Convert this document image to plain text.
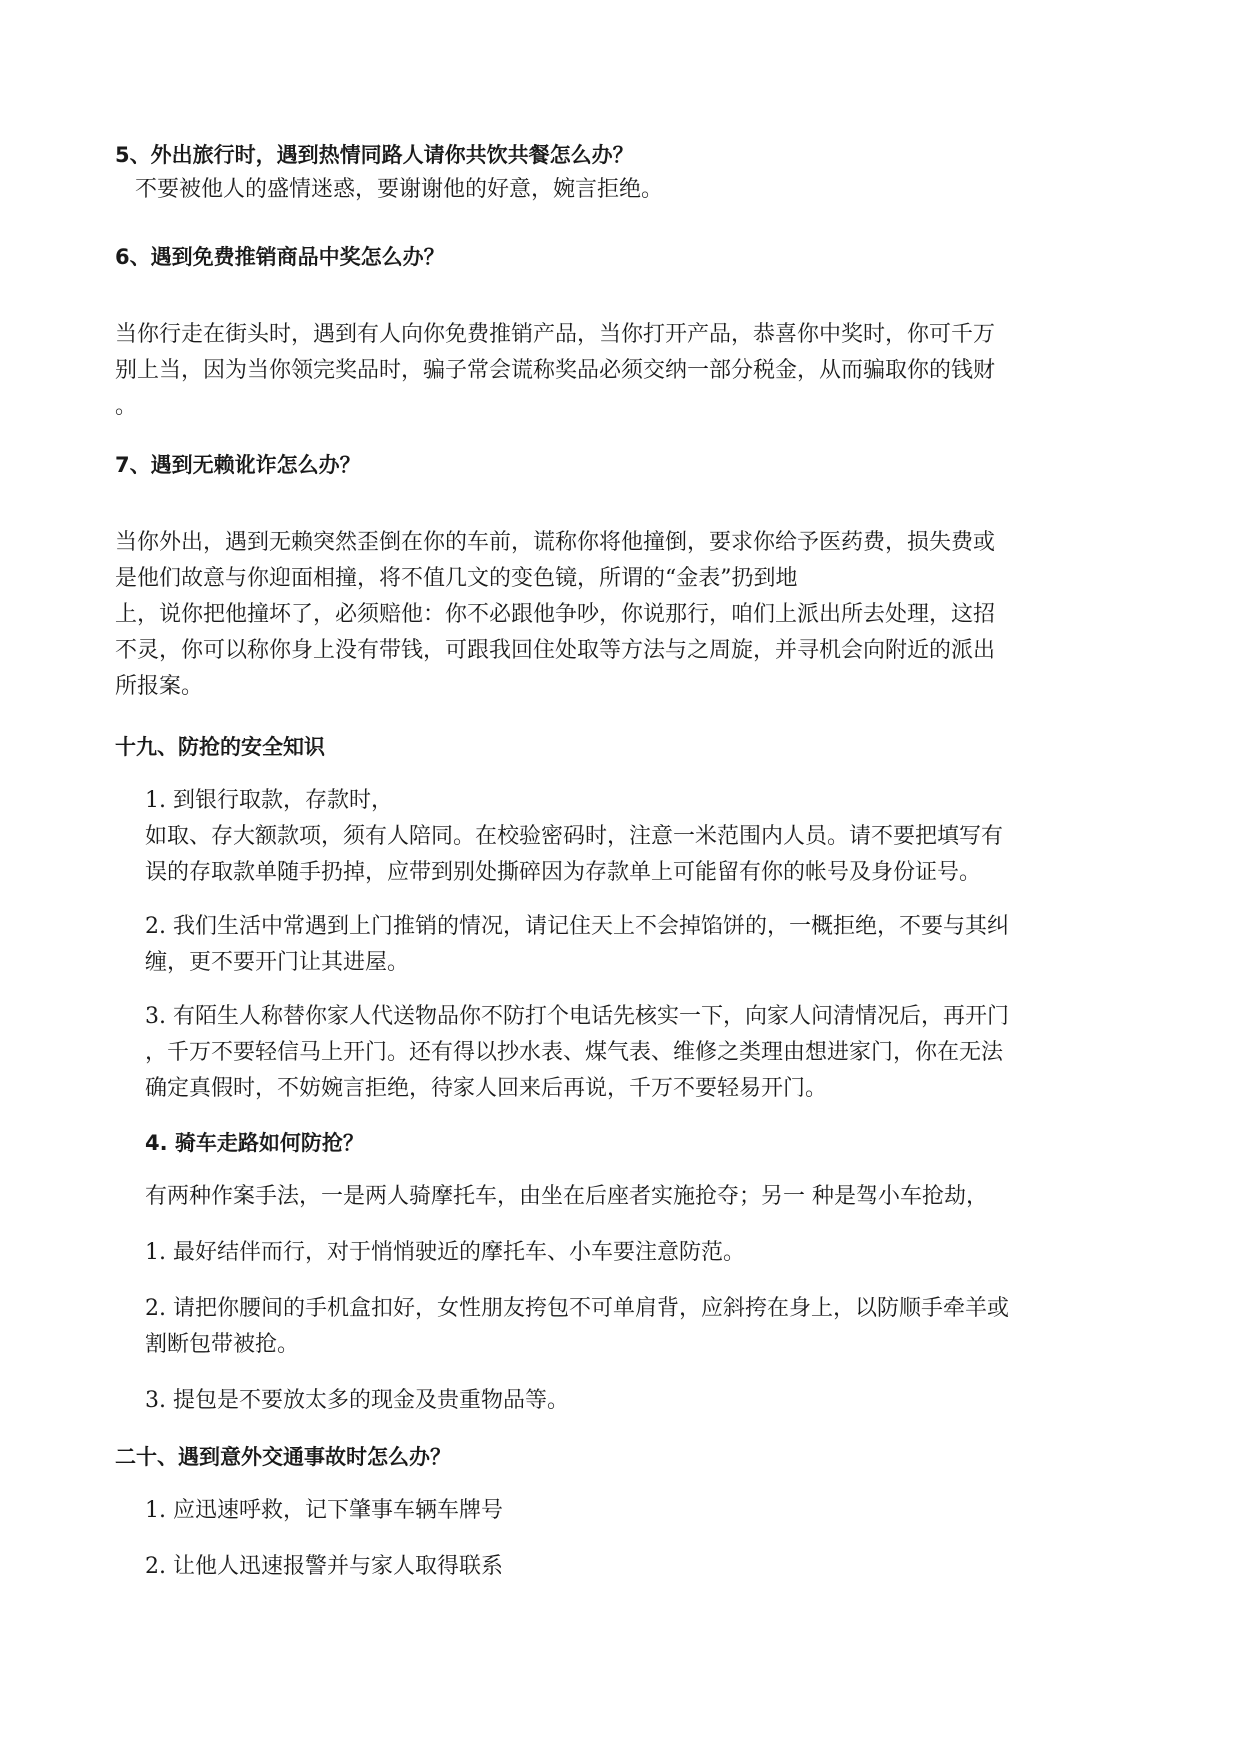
5、外出旅行时，遇到热情同路人请你共饮共餐怎么办？
不要被他人的盛情迷惑，要谢谢他的好意，婉言拒绝。
6、遇到免费推销商品中奖怎么办？
当你行走在街头时，遇到有人向你免费推销产品，当你打开产品，恭喜你中奖时，你可千万
别上当，因为当你领完奖品时，骗子常会谎称奖品必须交纳一部分税金，从而骗取你的钱财
。
7、遇到无赖讹诈怎么办？
当你外出，遇到无赖突然歪倒在你的车前，谎称你将他撞倒，要求你给予医药费，损失费或
是他们故意与你迎面相撞，将不值几文的变色镜，所谓的“金表”扔到地
上，说你把他撞坏了，必须赔他：你不必跟他争吵，你说那行，咱们上派出所去处理，这招
不灵，你可以称你身上没有带钱，可跟我回住处取等方法与之周旋，并寻机会向附近的派出
所报案。
十九、防抢的安全知识
1. 到银行取款，存款时，
如取、存大额款项，须有人陪同。在校验密码时，注意一米范围内人员。请不要把填写有
误的存取款单随手扔掉，应带到别处撕碎因为存款单上可能留有你的帐号及身份证号。
2. 我们生活中常遇到上门推销的情况，请记住天上不会掉馅饼的，一概拒绝，不要与其纠
缠，更不要开门让其进屋。
3. 有陌生人称替你家人代送物品你不防打个电话先核实一下，向家人问清情况后，再开门
，千万不要轻信马上开门。还有得以抄水表、煤气表、维修之类理由想进家门，你在无法
确定真假时，不妨婉言拒绝，待家人回来后再说，千万不要轻易开门。
4. 骑车走路如何防抢？
有两种作案手法，一是两人骑摩托车，由坐在后座者实施抢夺；另一 种是驾小车抢劫，
1. 最好结伴而行，对于悄悄驶近的摩托车、小车要注意防范。
2. 请把你腰间的手机盒扣好，女性朋友挎包不可单肩背，应斜挎在身上，以防顺手牵羊或
割断包带被抢。
3. 提包是不要放太多的现金及贵重物品等。
二十、遇到意外交通事故时怎么办？
1. 应迅速呼救，记下肇事车辆车牌号
2. 让他人迅速报警并与家人取得联系
